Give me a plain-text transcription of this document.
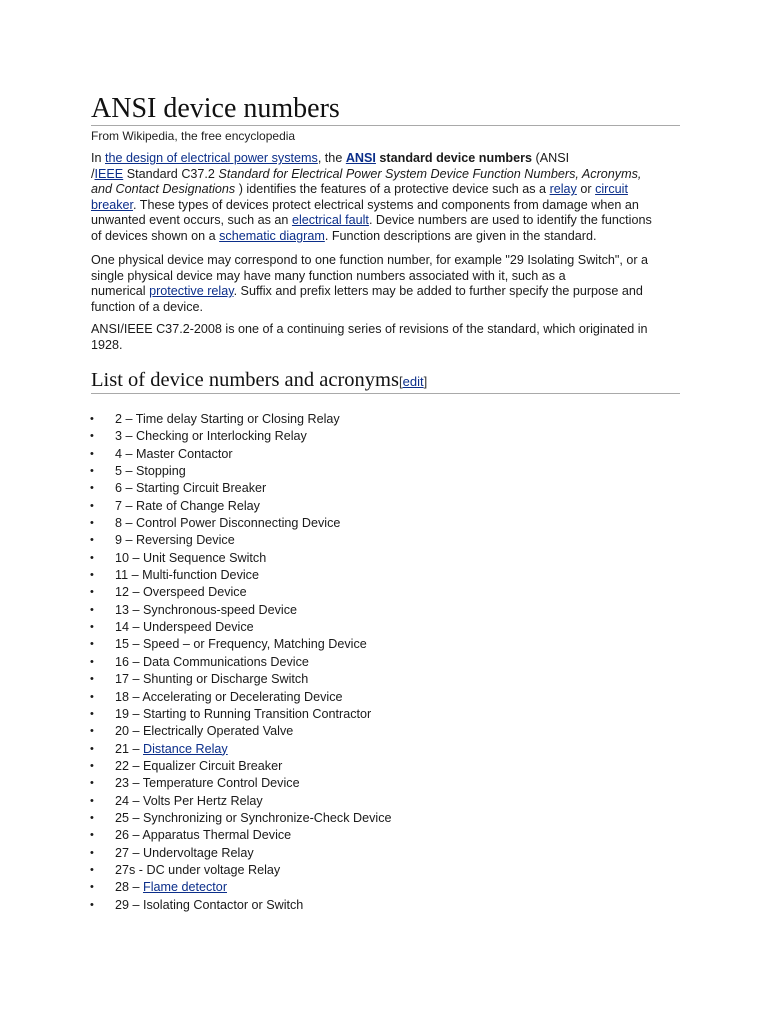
ANSI device numbers
From Wikipedia, the free encyclopedia
In the design of electrical power systems, the ANSI standard device numbers (ANSI
/IEEE Standard C37.2 Standard for Electrical Power System Device Function Numbers, Acronyms,
and Contact Designations ) identifies the features of a protective device such as a relay or circuit
breaker. These types of devices protect electrical systems and components from damage when an
unwanted event occurs, such as an electrical fault. Device numbers are used to identify the functions
of devices shown on a schematic diagram. Function descriptions are given in the standard.
One physical device may correspond to one function number, for example "29 Isolating Switch", or a
single physical device may have many function numbers associated with it, such as a
numerical protective relay. Suffix and prefix letters may be added to further specify the purpose and
function of a device.
ANSI/IEEE C37.2-2008 is one of a continuing series of revisions of the standard, which originated in
1928.
List of device numbers and acronyms[edit]
• 2 – Time delay Starting or Closing Relay
• 3 – Checking or Interlocking Relay
• 4 – Master Contactor
• 5 – Stopping
• 6 – Starting Circuit Breaker
• 7 – Rate of Change Relay
• 8 – Control Power Disconnecting Device
• 9 – Reversing Device
• 10 – Unit Sequence Switch
• 11 – Multi-function Device
• 12 – Overspeed Device
• 13 – Synchronous-speed Device
• 14 – Underspeed Device
• 15 – Speed – or Frequency, Matching Device
• 16 – Data Communications Device
• 17 – Shunting or Discharge Switch
• 18 – Accelerating or Decelerating Device
• 19 – Starting to Running Transition Contractor
• 20 – Electrically Operated Valve
• 21 – Distance Relay
• 22 – Equalizer Circuit Breaker
• 23 – Temperature Control Device
• 24 – Volts Per Hertz Relay
• 25 – Synchronizing or Synchronize-Check Device
• 26 – Apparatus Thermal Device
• 27 – Undervoltage Relay
• 27s - DC under voltage Relay
• 28 – Flame detector
• 29 – Isolating Contactor or Switch
